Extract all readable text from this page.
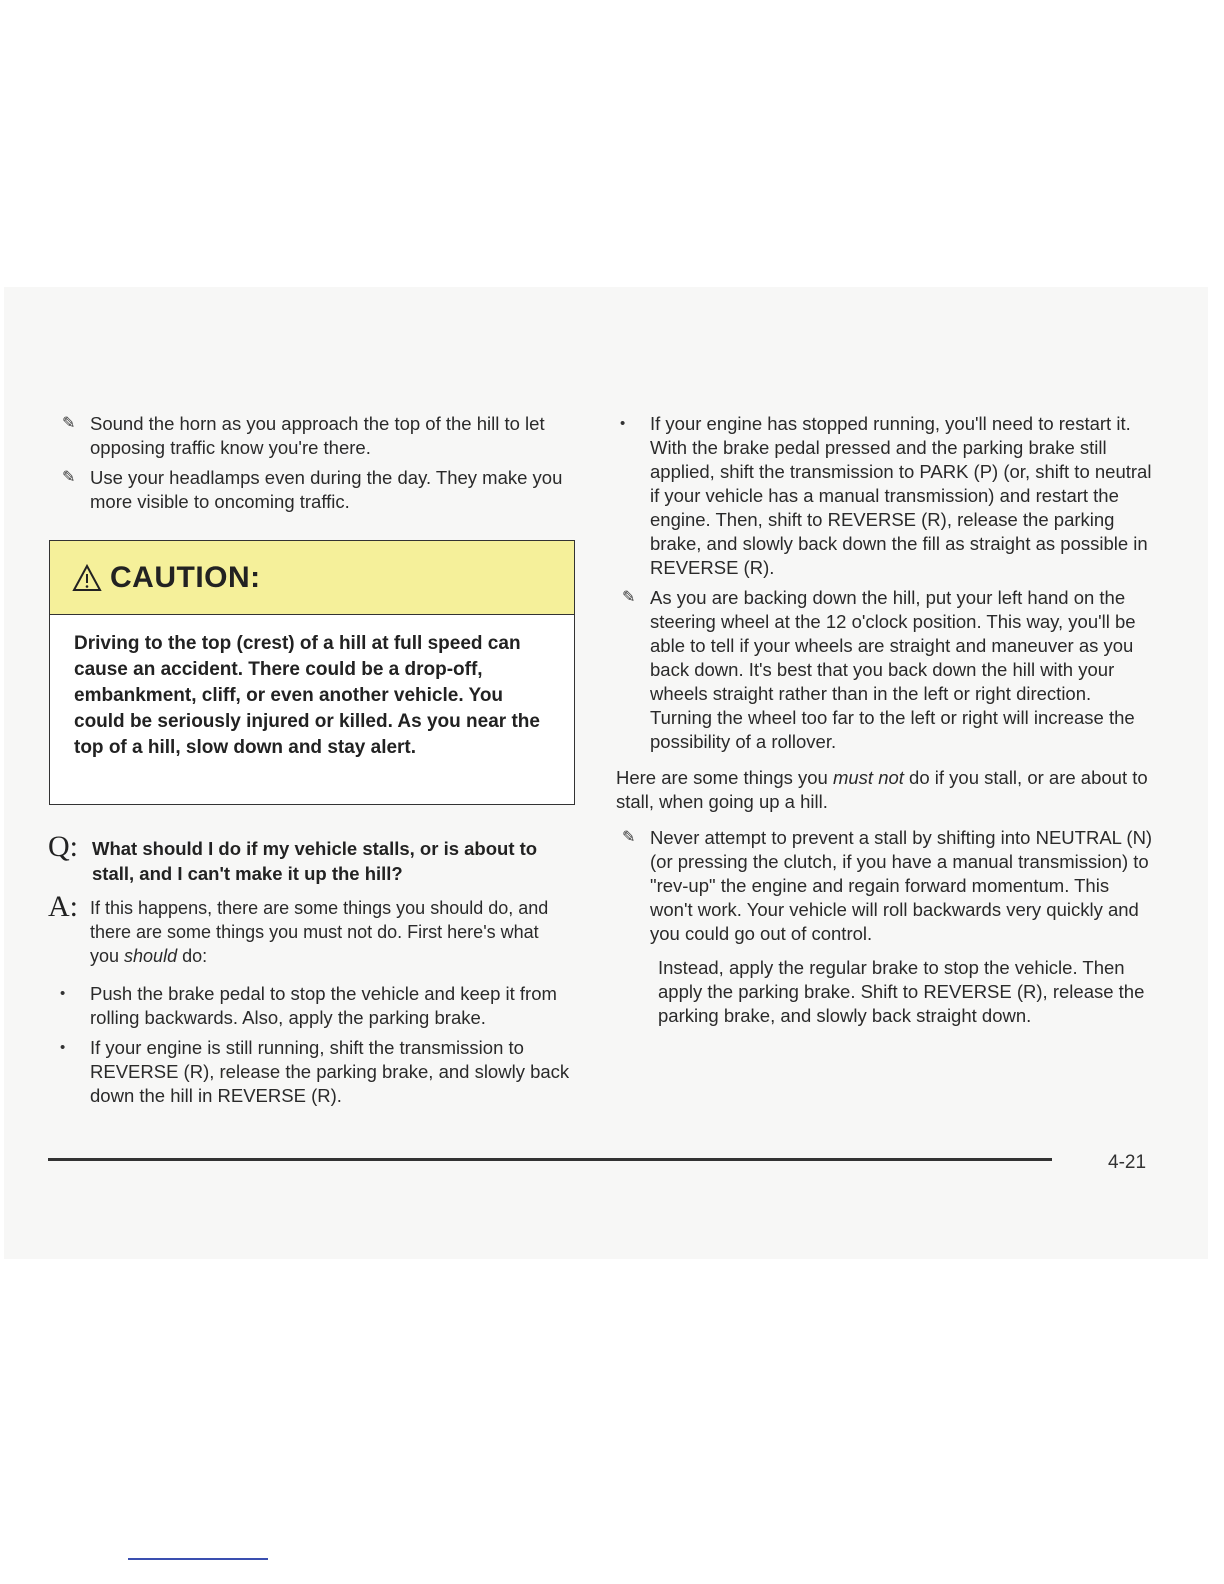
✎ Sound the horn as you approach the top of the hill to let opposing traffic know you're there.
✎ Use your headlamps even during the day. They make you more visible to oncoming traffic.
CAUTION:
Driving to the top (crest) of a hill at full speed can cause an accident. There could be a drop-off, embankment, cliff, or even another vehicle. You could be seriously injured or killed. As you near the top of a hill, slow down and stay alert.
Q: What should I do if my vehicle stalls, or is about to stall, and I can't make it up the hill?
A: If this happens, there are some things you should do, and there are some things you must not do. First here's what you should do:
•	Push the brake pedal to stop the vehicle and keep it from rolling backwards. Also, apply the parking brake.
•	If your engine is still running, shift the transmission to REVERSE (R), release the parking brake, and slowly back down the hill in REVERSE (R).
•	If your engine has stopped running, you'll need to restart it. With the brake pedal pressed and the parking brake still applied, shift the transmission to PARK (P) (or, shift to neutral if your vehicle has a manual transmission) and restart the engine. Then, shift to REVERSE (R), release the parking brake, and slowly back down the fill as straight as possible in REVERSE (R).
✎ As you are backing down the hill, put your left hand on the steering wheel at the 12 o'clock position. This way, you'll be able to tell if your wheels are straight and maneuver as you back down. It's best that you back down the hill with your wheels straight rather than in the left or right direction. Turning the wheel too far to the left or right will increase the possibility of a rollover.
Here are some things you must not do if you stall, or are about to stall, when going up a hill.
✎ Never attempt to prevent a stall by shifting into NEUTRAL (N) (or pressing the clutch, if you have a manual transmission) to "rev-up" the engine and regain forward momentum. This won't work. Your vehicle will roll backwards very quickly and you could go out of control.
Instead, apply the regular brake to stop the vehicle. Then apply the parking brake. Shift to REVERSE (R), release the parking brake, and slowly back straight down.
4-21
